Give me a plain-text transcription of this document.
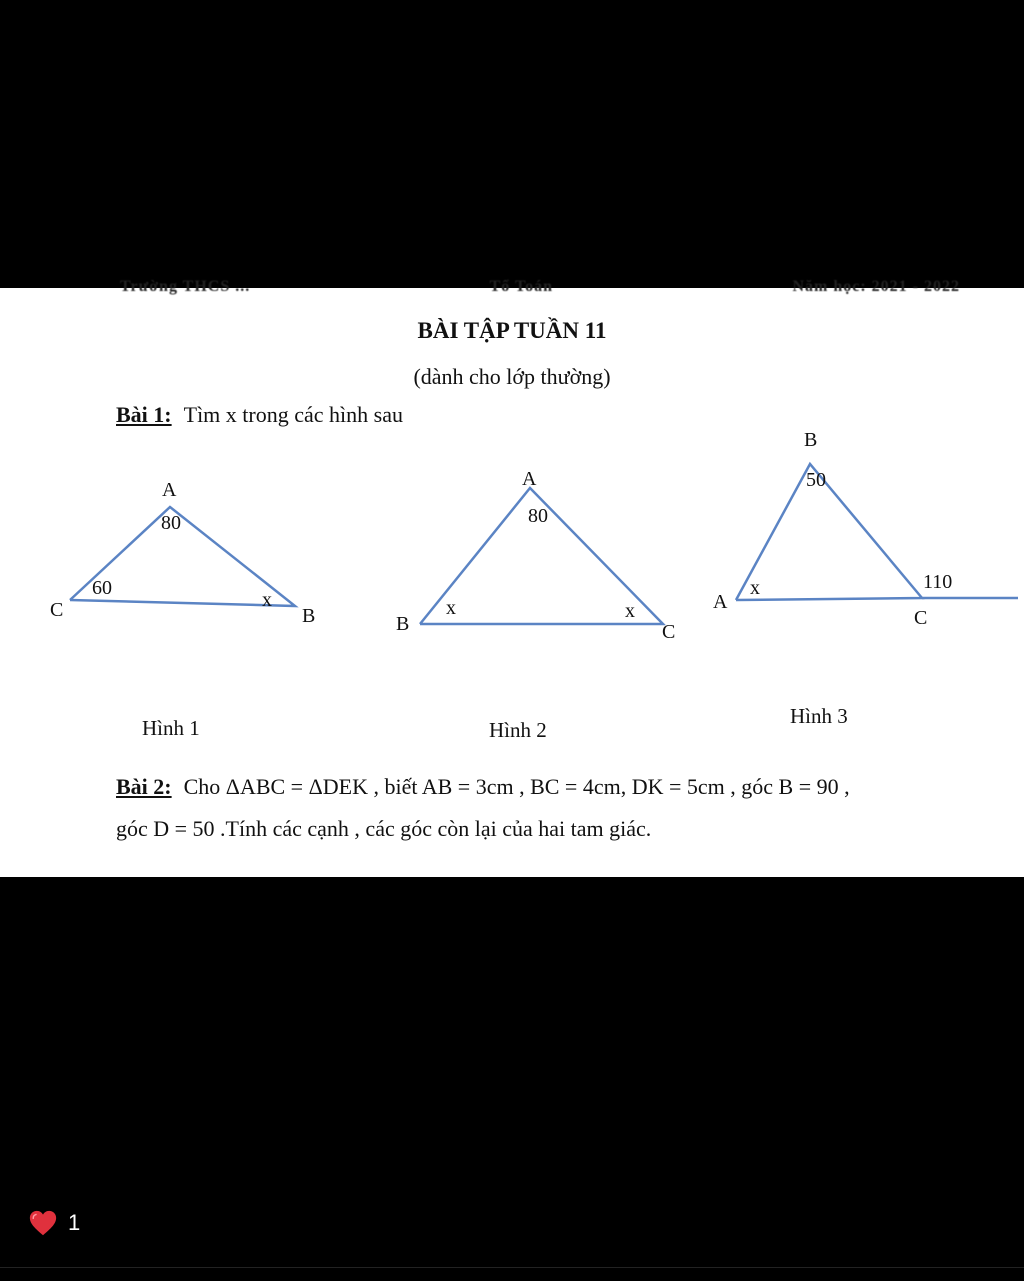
Trường THCS ...	Tổ Toán	Năm học: 2021 - 2022
BÀI TẬP TUẦN 11
(dành cho lớp thường)
Bài 1: Tìm x trong các hình sau
A
C	B
80
60
x
A
B	C
80
x	x
B
A
C
50
x	110
Hình 1	Hình 2
Hình 3
Bài 2: Cho ΔABC = ΔDEK , biết AB = 3cm , BC = 4cm, DK = 5cm , góc B = 90 ,
góc D = 50 .Tính các cạnh , các góc còn lại của hai tam giác.
1
